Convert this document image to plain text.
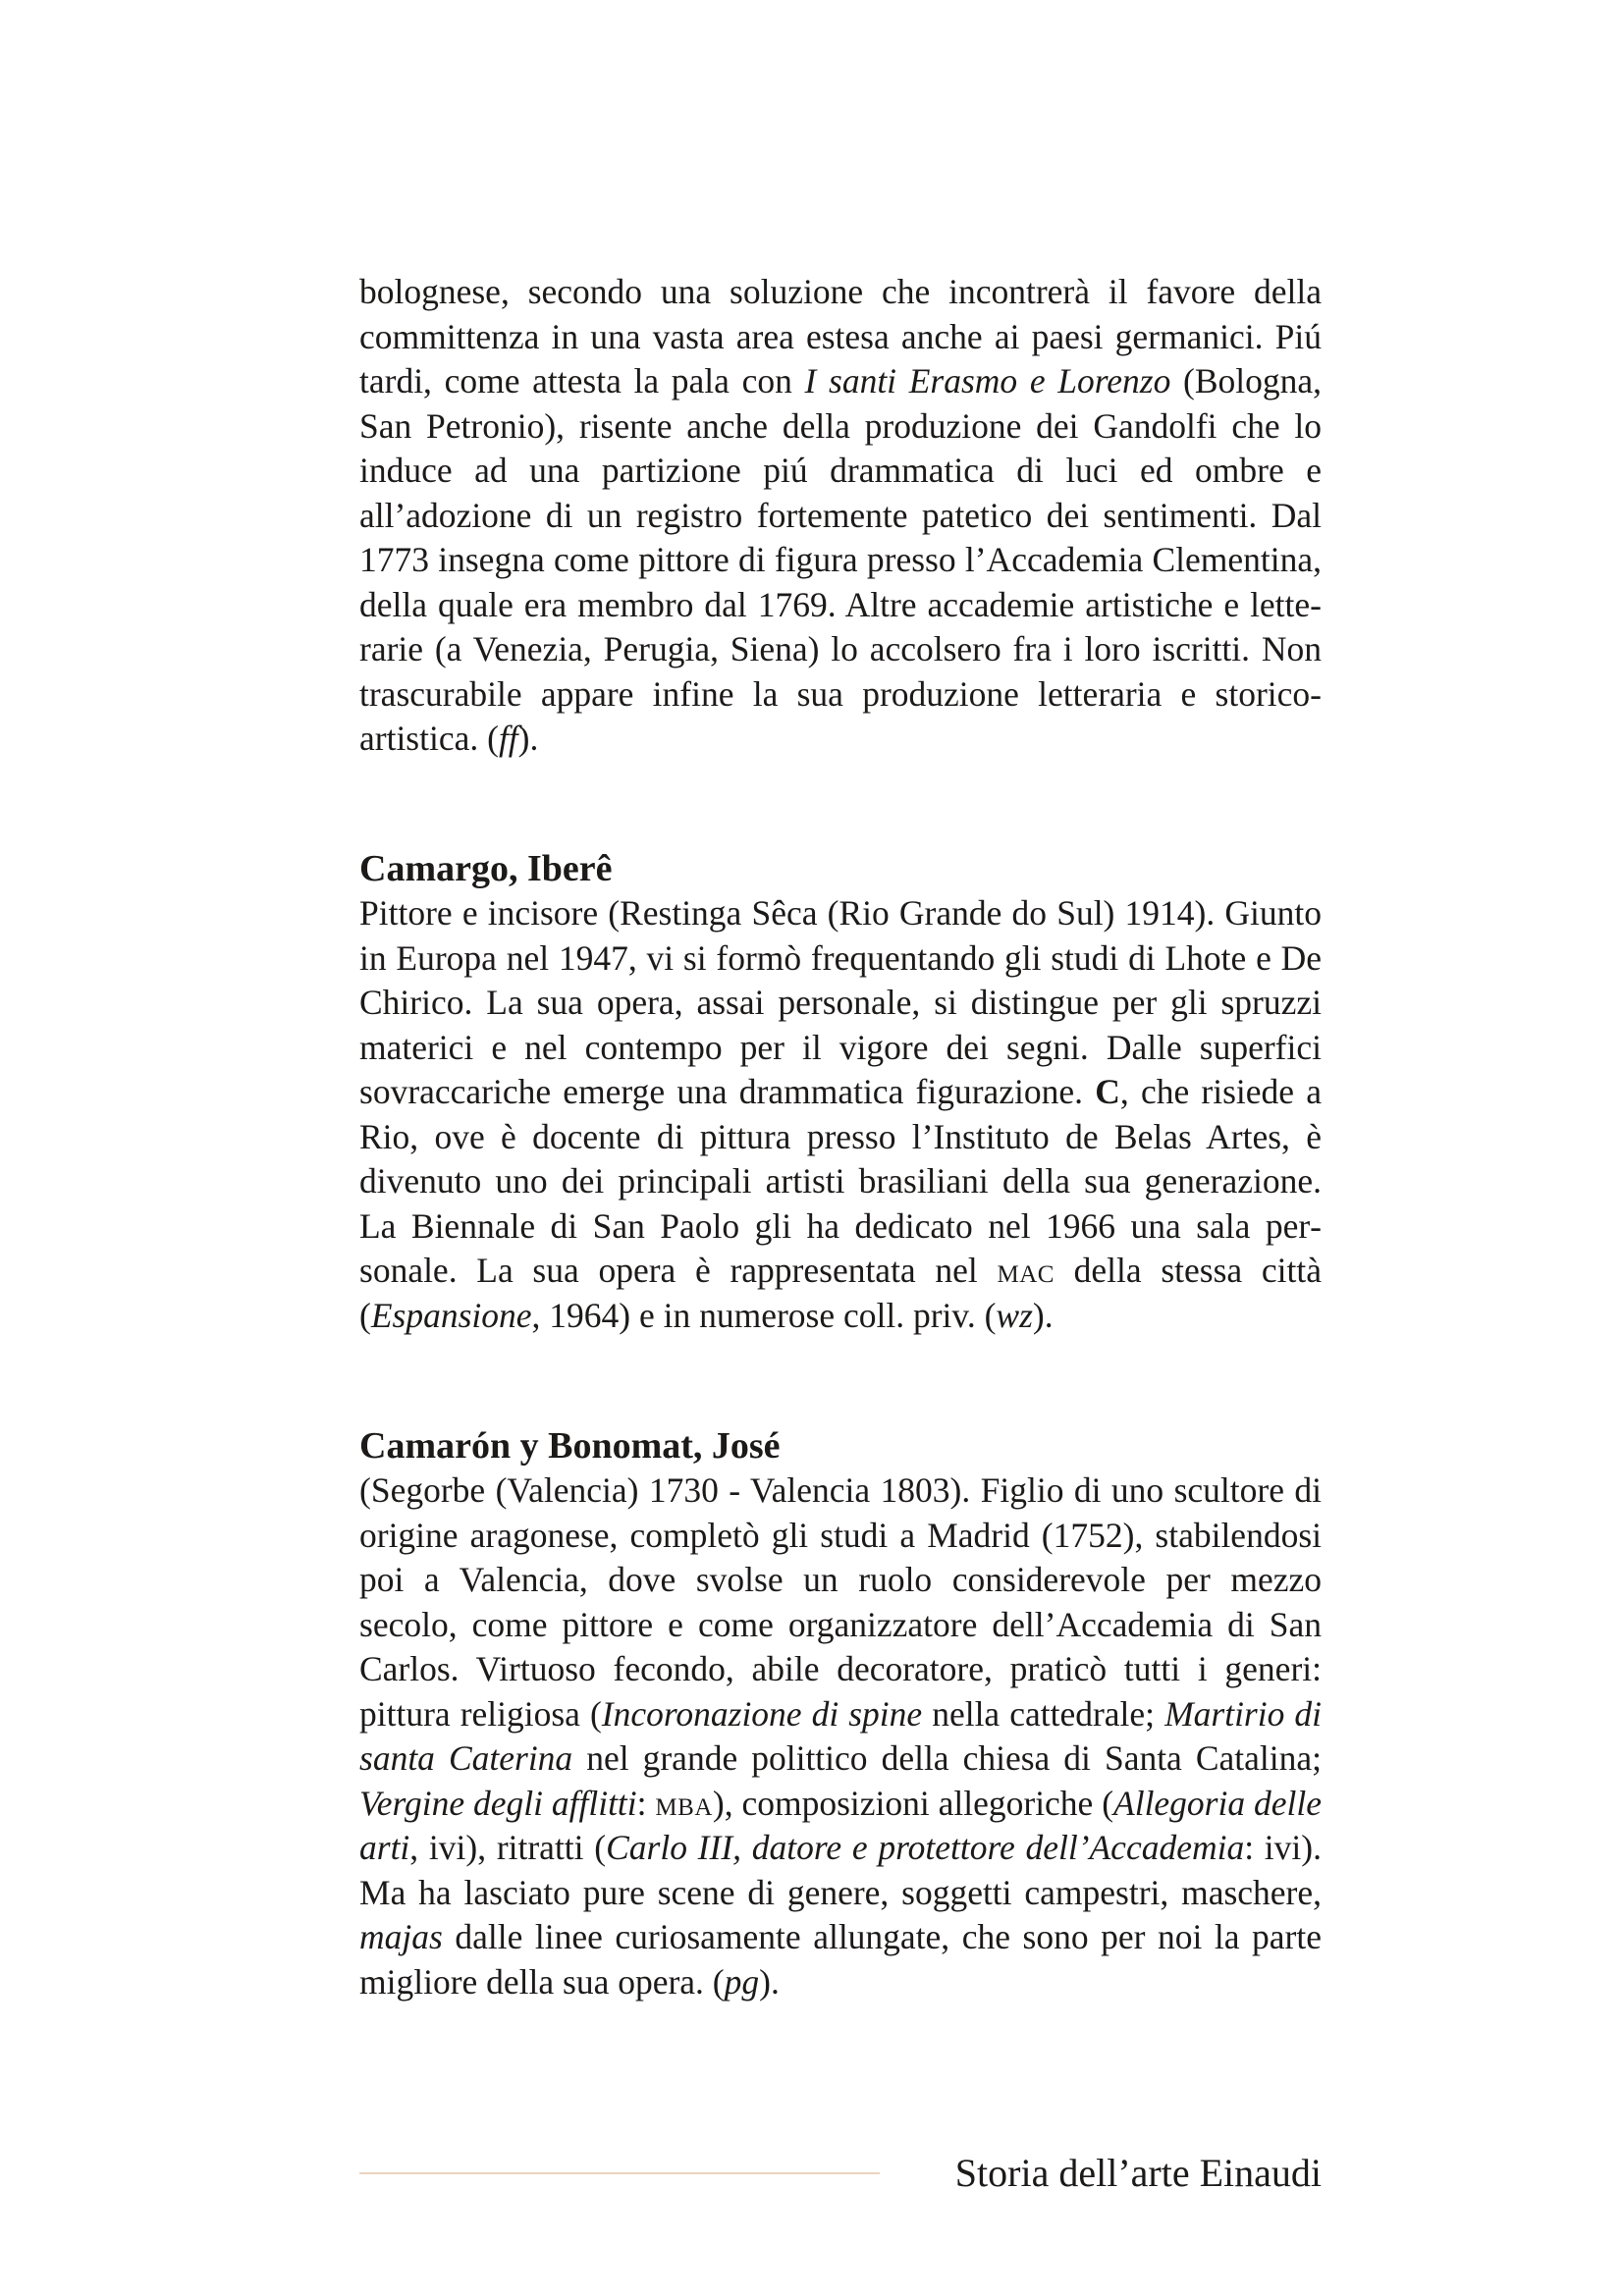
bolognese, secondo una soluzione che incontrerà il favore della committenza in una vasta area estesa anche ai paesi germanici. Piú tardi, come attesta la pala con I santi Erasmo e Lorenzo (Bologna, San Petronio), risente anche della produzione dei Gandolfi che lo induce ad una partizione piú drammatica di luci ed ombre e all’adozione di un registro fortemente patetico dei sentimenti. Dal 1773 insegna come pittore di figura presso l’Accademia Clementina, della quale era membro dal 1769. Altre accademie artistiche e letterarie (a Venezia, Perugia, Siena) lo accolsero fra i loro iscritti. Non trascurabile appare infine la sua produzione letteraria e storico-artistica. (ff).

Camargo, Iberê

Pittore e incisore (Restinga Sêca (Rio Grande do Sul) 1914). Giunto in Europa nel 1947, vi si formò frequentando gli studi di Lhote e De Chirico. La sua opera, assai personale, si distingue per gli spruzzi materici e nel contempo per il vigore dei segni. Dalle superfici sovraccariche emerge una drammatica figurazione. C, che risiede a Rio, ove è docente di pittura presso l’Instituto de Belas Artes, è divenuto uno dei principali artisti brasiliani della sua generazione. La Biennale di San Paolo gli ha dedicato nel 1966 una sala personale. La sua opera è rappresentata nel mac della stessa città (Espansione, 1964) e in numerose coll. priv. (wz).

Camarón y Bonomat, José

(Segorbe (Valencia) 1730 - Valencia 1803). Figlio di uno scultore di origine aragonese, completò gli studi a Madrid (1752), stabilendosi poi a Valencia, dove svolse un ruolo considerevole per mezzo secolo, come pittore e come organizzatore dell’Accademia di San Carlos. Virtuoso fecondo, abile decoratore, praticò tutti i generi: pittura religiosa (Incoronazione di spine nella cattedrale; Martirio di santa Caterina nel grande polittico della chiesa di Santa Catalina; Vergine degli afflitti: mba), composizioni allegoriche (Allegoria delle arti, ivi), ritratti (Carlo III, datore e protettore dell’Accademia: ivi). Ma ha lasciato pure scene di genere, soggetti campestri, maschere, majas dalle linee curiosamente allungate, che sono per noi la parte migliore della sua opera. (pg).

Storia dell’arte Einaudi
